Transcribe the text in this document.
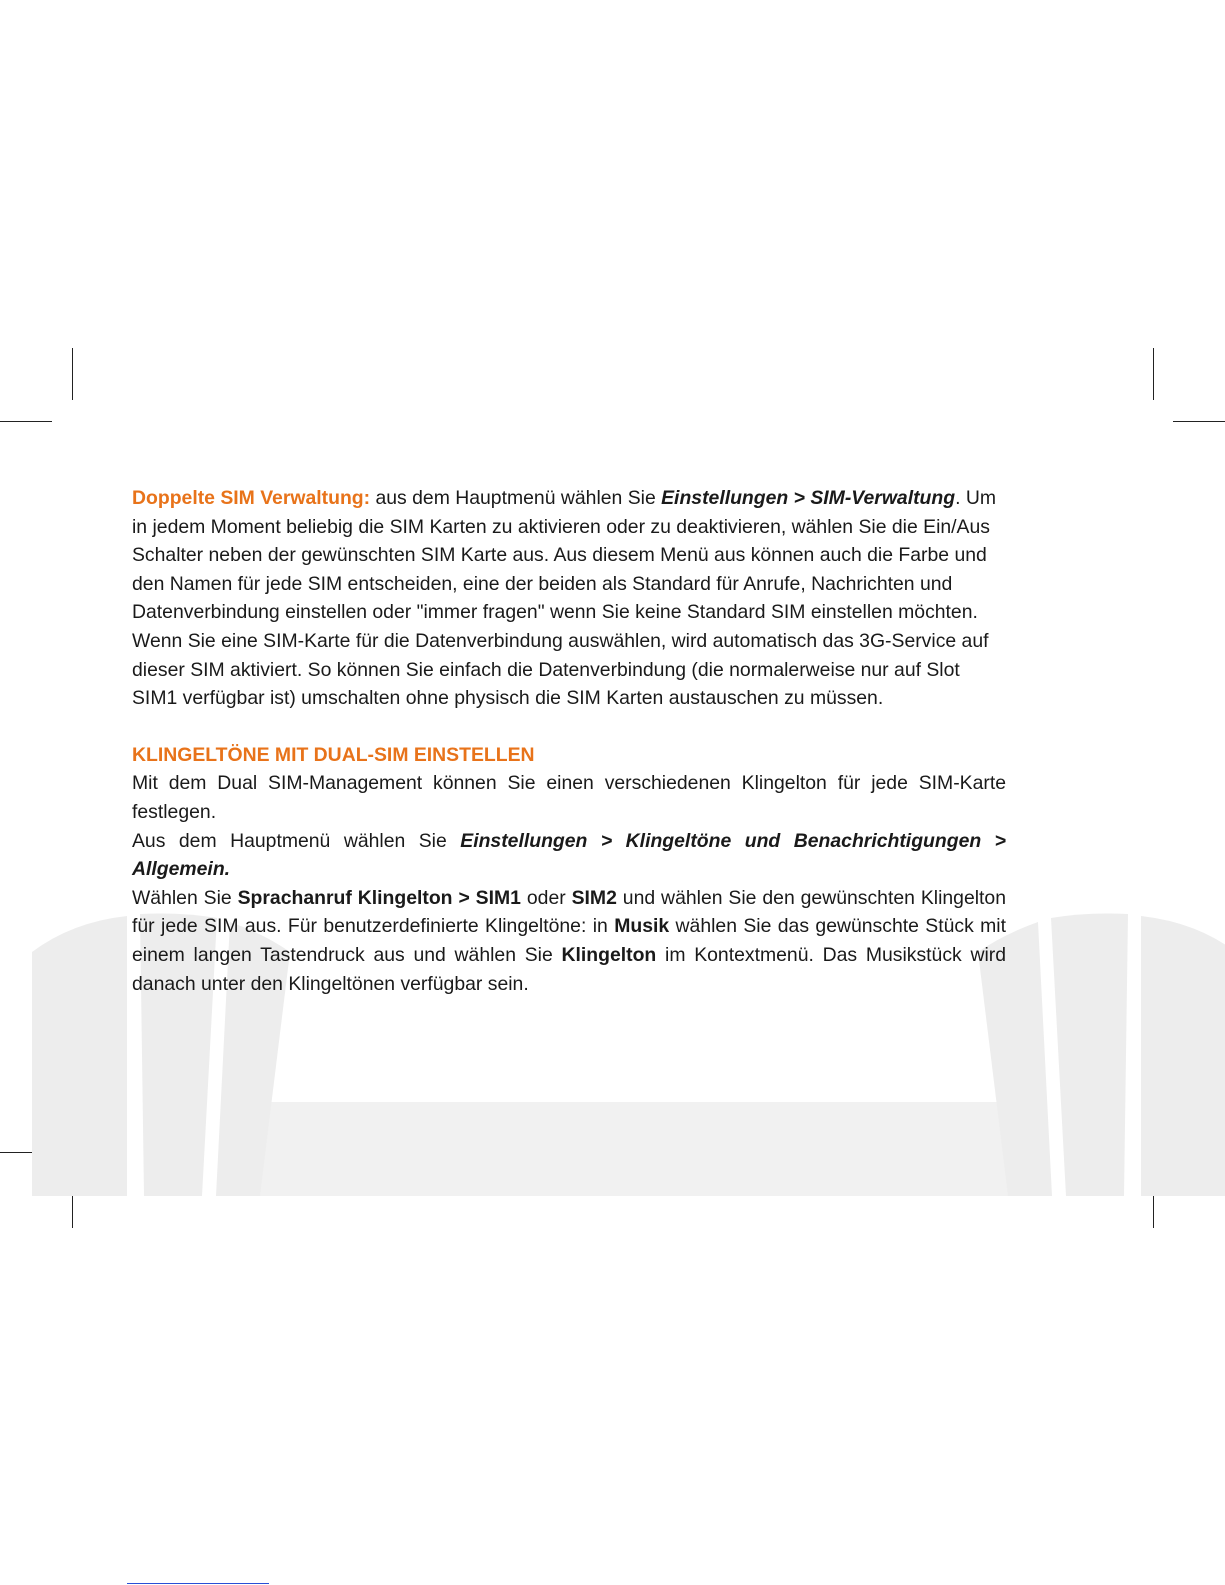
Doppelte SIM Verwaltung: aus dem Hauptmenü wählen Sie Einstellungen > SIM-Verwaltung. Um in jedem Moment beliebig die SIM Karten zu aktivieren oder zu deaktivieren, wählen Sie die Ein/Aus Schalter neben der gewünschten SIM Karte aus. Aus diesem Menü aus können auch die Farbe und den Namen für jede SIM entscheiden, eine der beiden als Standard für Anrufe, Nachrichten und Datenverbindung einstellen oder "immer fragen" wenn Sie keine Standard SIM einstellen möchten. Wenn Sie eine SIM-Karte für die Datenverbindung auswählen, wird automatisch das 3G-Service auf dieser SIM aktiviert. So können Sie einfach die Datenverbindung (die normalerweise nur auf Slot SIM1 verfügbar ist) umschalten ohne physisch die SIM Karten austauschen zu müssen.

KLINGELTÖNE MIT DUAL-SIM EINSTELLEN

Mit dem Dual SIM-Management können Sie einen verschiedenen Klingelton für jede SIM-Karte festlegen.

Aus dem Hauptmenü wählen Sie Einstellungen > Klingeltöne und Benachrichtigungen > Allgemein.

Wählen Sie Sprachanruf Klingelton > SIM1 oder SIM2 und wählen Sie den gewünschten Klingelton für jede SIM aus. Für benutzerdefinierte Klingeltöne: in Musik wählen Sie das gewünschte Stück mit einem langen Tastendruck aus und wählen Sie Klingelton im Kontextmenü. Das Musikstück wird danach unter den Klingeltönen verfügbar sein.
